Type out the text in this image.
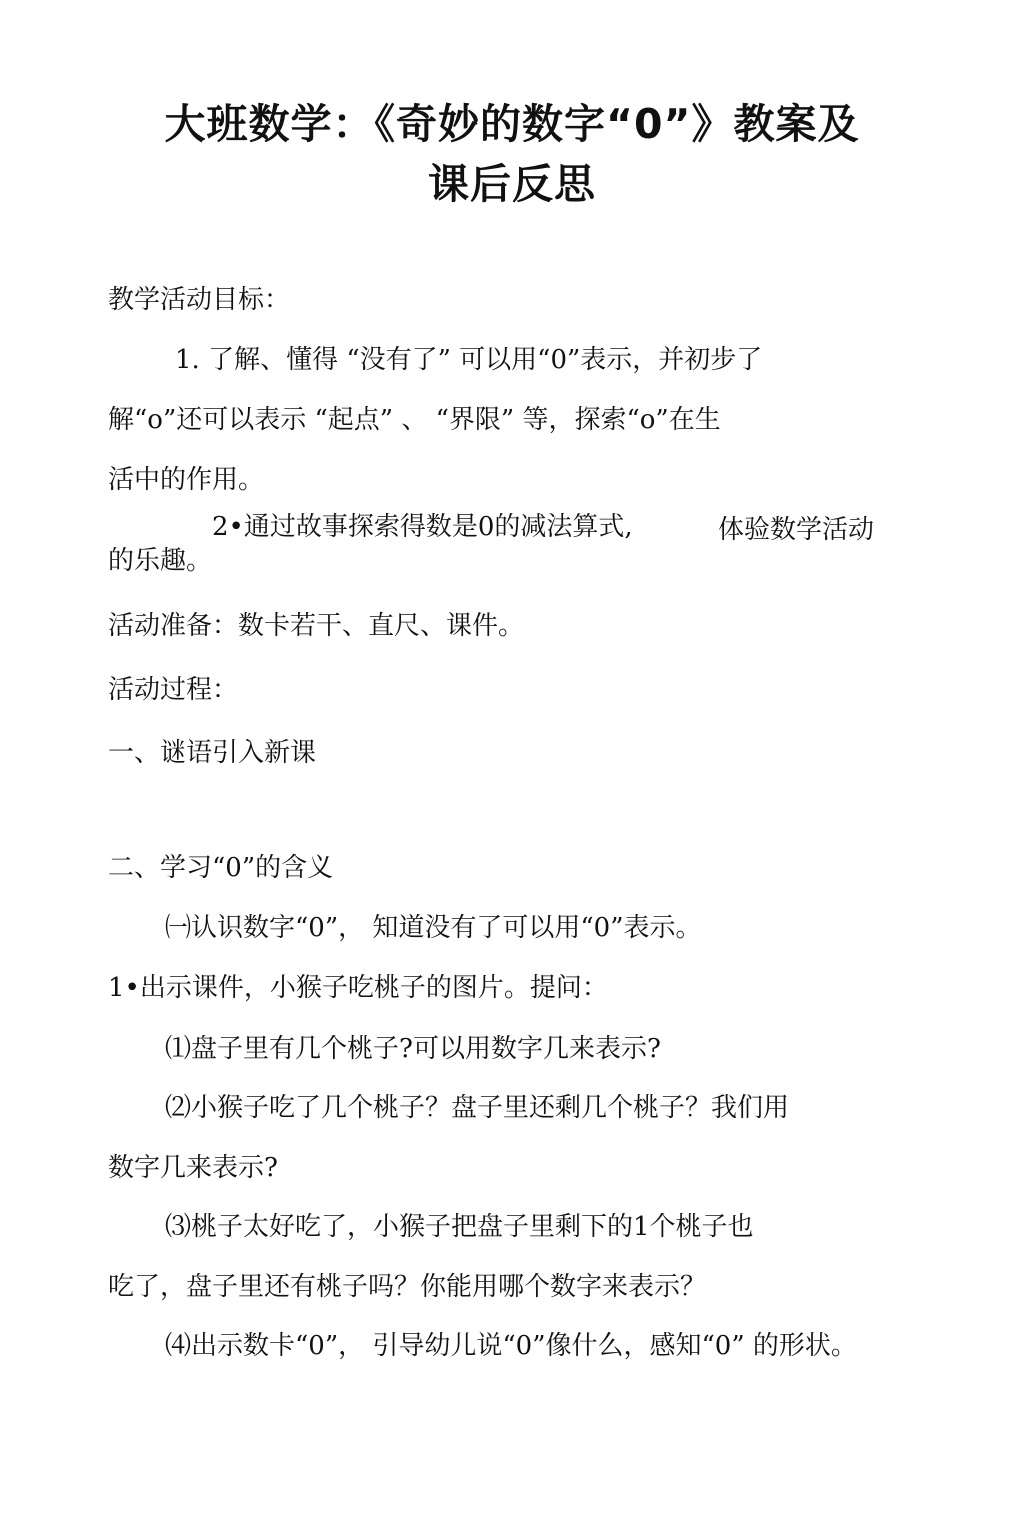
大班数学：《奇妙的数字“0”》教案及
课后反思

教学活动目标：

1. 了解、懂得 “没有了” 可以用“0”表示，并初步了

解“o”还可以表示 “起点” 、 “界限” 等，探索“o”在生

活中的作用。

2•通过故事探索得数是0的减法算式,	体验数学活动

的乐趣。

活动准备：数卡若干、直尺、课件。

活动过程：

一、谜语引入新课

二、学习“0”的含义

㈠认识数字“0”， 知道没有了可以用“0”表示。

1•出示课件，小猴子吃桃子的图片。提问：

⑴盘子里有几个桃子?可以用数字几来表示?

⑵小猴子吃了几个桃子？盘子里还剩几个桃子？我们用

数字几来表示?

⑶桃子太好吃了，小猴子把盘子里剩下的1个桃子也

吃了，盘子里还有桃子吗？你能用哪个数字来表示？

⑷出示数卡“0”， 引导幼儿说“0”像什么，感知“0” 的形状。
